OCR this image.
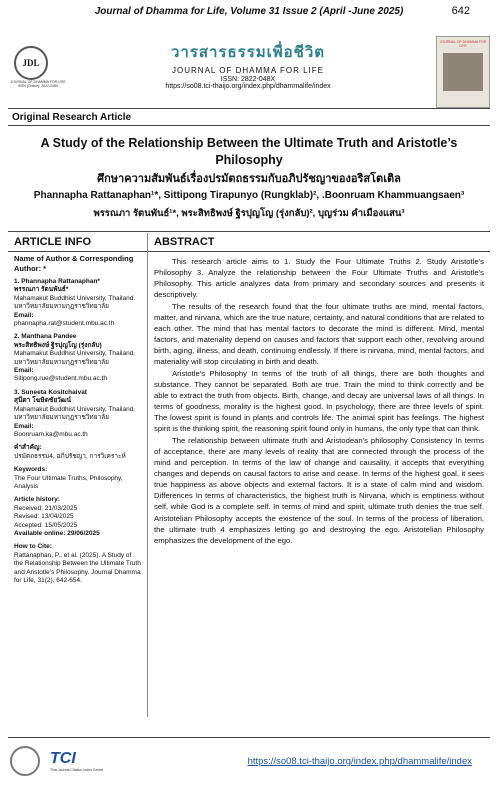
Journal of Dhamma for Life, Volume 31 Issue 2 (April -June 2025)	642
JDL
JOURNAL OF DHAMMA FOR LIFE ISSN (Online): 2822-048X
วารสารธรรมเพื่อชีวิต
JOURNAL OF DHAMMA FOR LIFE
ISSN: 2822-048X
https://so08.tci-thaijo.org/index.php/dhammalife/index
JOURNAL OF DHAMMA FOR LIFE
Original Research Article
A Study of the Relationship Between the Ultimate Truth and Aristotle’s Philosophy
ศึกษาความสัมพันธ์เรื่องปรมัตถธรรมกับอภิปรัชญาของอริสโตเติล
Phannapha Rattanaphan¹*, Sittipong Tirapunyo (Rungklab)², .Boonruam Khammuangsaen³
พรรณภา รัตนพันธ์¹*, พระสิทธิพงษ์ ฐิรปุญโญ (รุ่งกลับ)², บุญร่วม คำเมืองแสน³
ARTICLE INFO	ABSTRACT
Name of Author & Corresponding Author: *
1. Phannapha Rattanaphan*
พรรณภา รัตนพันธ์*
Mahamakut Buddhist University, Thailand.
มหาวิทยาลัยมหามกุฏราชวิทยาลัย
Email:
phannapha.rat@student.mbu.ac.th
2. Manthana Pandee
พระสิทธิพงษ์ ฐิรปุญโญ (รุ่งกลับ)
Mahamakut Buddhist University, Thailand.
มหาวิทยาลัยมหามกุฏราชวิทยาลัย
Email:
Sitipong.rue@student.mbu.ac.th
3. Suneeta Kositchaivat
สุนีตา โฆษิตชัยวัฒน์
Mahamakut Buddhist University, Thailand.
มหาวิทยาลัยมหามกุฏราชวิทยาลัย
Email:
Boonruam.ka@mbu.ac.th
คำสำคัญ:
ปรมัตถธรรม4, อภิปรัชญา, การวิเคราะห์
Keywords:
The Four Ultimate Truths, Philosophy, Analysis
Article history:
Received: 21/03/2025
Revised: 13/04/2025
Accepted: 15/05/2025
Available online: 29/06/2025
How to Cite:
Rattanaphan, P., et al. (2025). A Study of the Relationship Between the Ultimate Truth and Aristotle’s Philosophy. Journal Dhamma for Life, 31(2), 642-654.

This research article aims to 1. Study the Four Ultimate Truths 2. Study Aristotle's Philosophy 3. Analyze the relationship between the Four Ultimate Truths and Aristotle's Philosophy. This article analyzes data from primary and secondary sources and presents it descriptively.

The results of the research found that the four ultimate truths are mind, mental factors, matter, and nirvana, which are the true nature, certainty, and natural conditions that are related to each other. The mind that has mental factors to decorate the mind is different. Mind, mental factors, and materiality depend on causes and factors that support each other, revolving around birth, aging, illness, and death, continuing endlessly. If there is nirvana, mind, mental factors, and materiality will stop circulating in birth and death.

Aristotle's Philosophy In terms of the truth of all things, there are both thoughts and substance. They cannot be separated. Both are true. Train the mind to think correctly and be able to extract the truth from objects. Birth, change, and decay are universal laws of all things. In terms of goodness, morality is the highest good. In psychology, there are three levels of spirit. The lowest spirit is found in plants and controls life. The animal spirit has feelings. The highest spirit is the thinking spirit, the reasoning spirit found only in humans, the only type that can think.

The relationship between ultimate truth and Aristodean's philosophy Consistency In terms of acceptance, there are many levels of reality that are connected through the process of the mind and perception. In terms of the law of change and causality, it accepts that everything changes and depends on causal factors to arise and cease. In terms of the highest goal, it sees true happiness as above objects and external factors. It is a state of calm mind and wisdom. Differences In terms of characteristics, the highest truth is Nirvana, which is emptiness without self, while God is a complete self. In terms of mind and spirit, ultimate truth denies the true self. Aristotelian Philosophy accepts the existence of the soul. In terms of the process of liberation, the ultimate truth 4 emphasizes letting go and destroying the ego. Aristotelian Philosophy emphasizes the development of the ego.

TCI
Thai-Journal Citation Index Centre
https://so08.tci-thaijo.org/index.php/dhammalife/index
